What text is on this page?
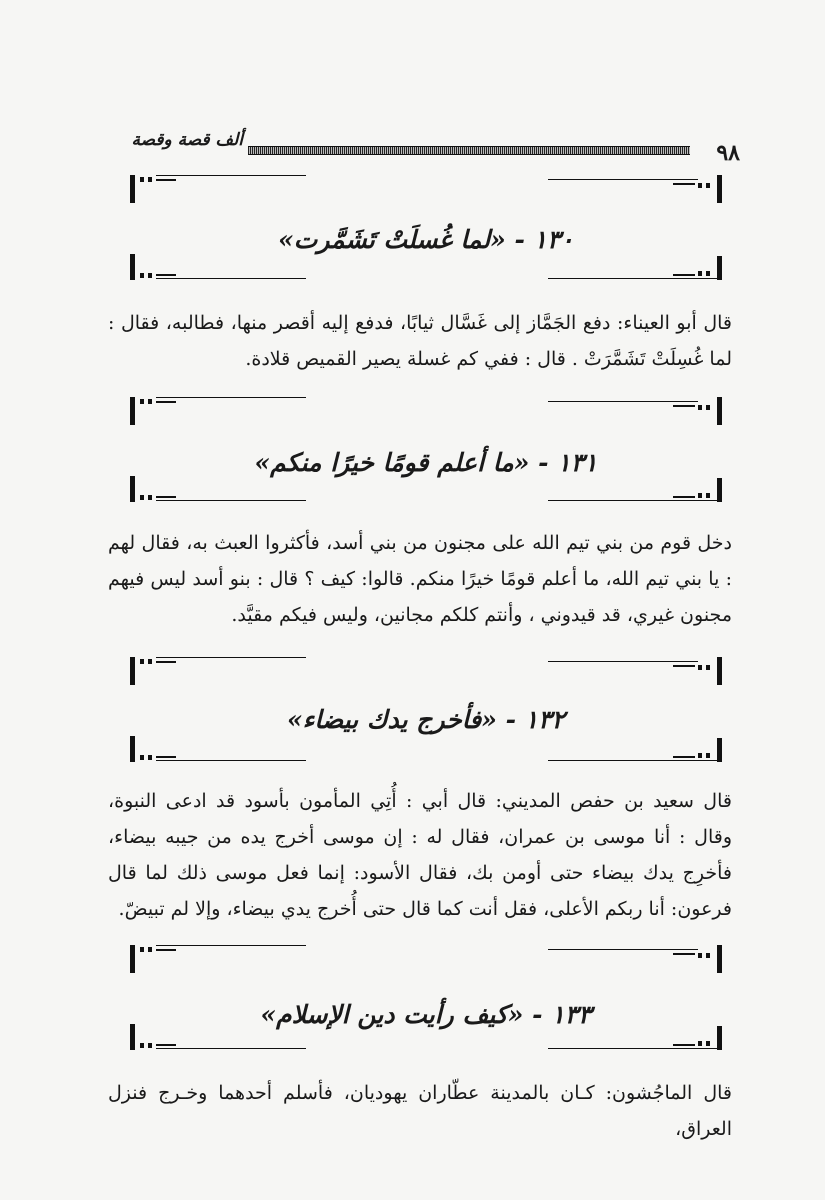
٩٨
ألف قصة وقصة
١٣٠ - «لما غُسلَتْ تَشَمَّرت»
قال أبو العيناء: دفع الجَمَّاز إلى غَسَّال ثيابًا، فدفع إليه أقصر منها، فطالبه، فقال : لما غُسِلَتْ تَشَمَّرَتْ . قال : ففي كم غسلة يصير القميص قلادة.
١٣١ - «ما أعلم قومًا خيرًا منكم»
دخل قوم من بني تيم الله على مجنون من بني أسد، فأكثروا العبث به، فقال لهم : يا بني تيم الله، ما أعلم قومًا خيرًا منكم. قالوا: كيف ؟ قال : بنو أسد ليس فيهم مجنون غيري، قد قيدوني ، وأنتم كلكم مجانين، وليس فيكم مقيَّد.
١٣٢ - «فأخرج يدك بيضاء»
قال سعيد بن حفص المديني: قال أبي : أُتِي المأمون بأسود قد ادعى النبوة، وقال : أنا موسى بن عمران، فقال له : إن موسى أخرج يده من جيبه بيضاء، فأخرِج يدك بيضاء حتى أومن بك، فقال الأسود: إنما فعل موسى ذلك لما قال فرعون: أنا ربكم الأعلى، فقل أنت كما قال حتى أُخرج يدي بيضاء، وإلا لم تبيضّ.
١٣٣ - «كيف رأيت دين الإسلام»
قال الماجُشون: كـان بالمدينة عطّاران يهوديان، فأسلم أحدهما وخـرج فنزل العراق،
